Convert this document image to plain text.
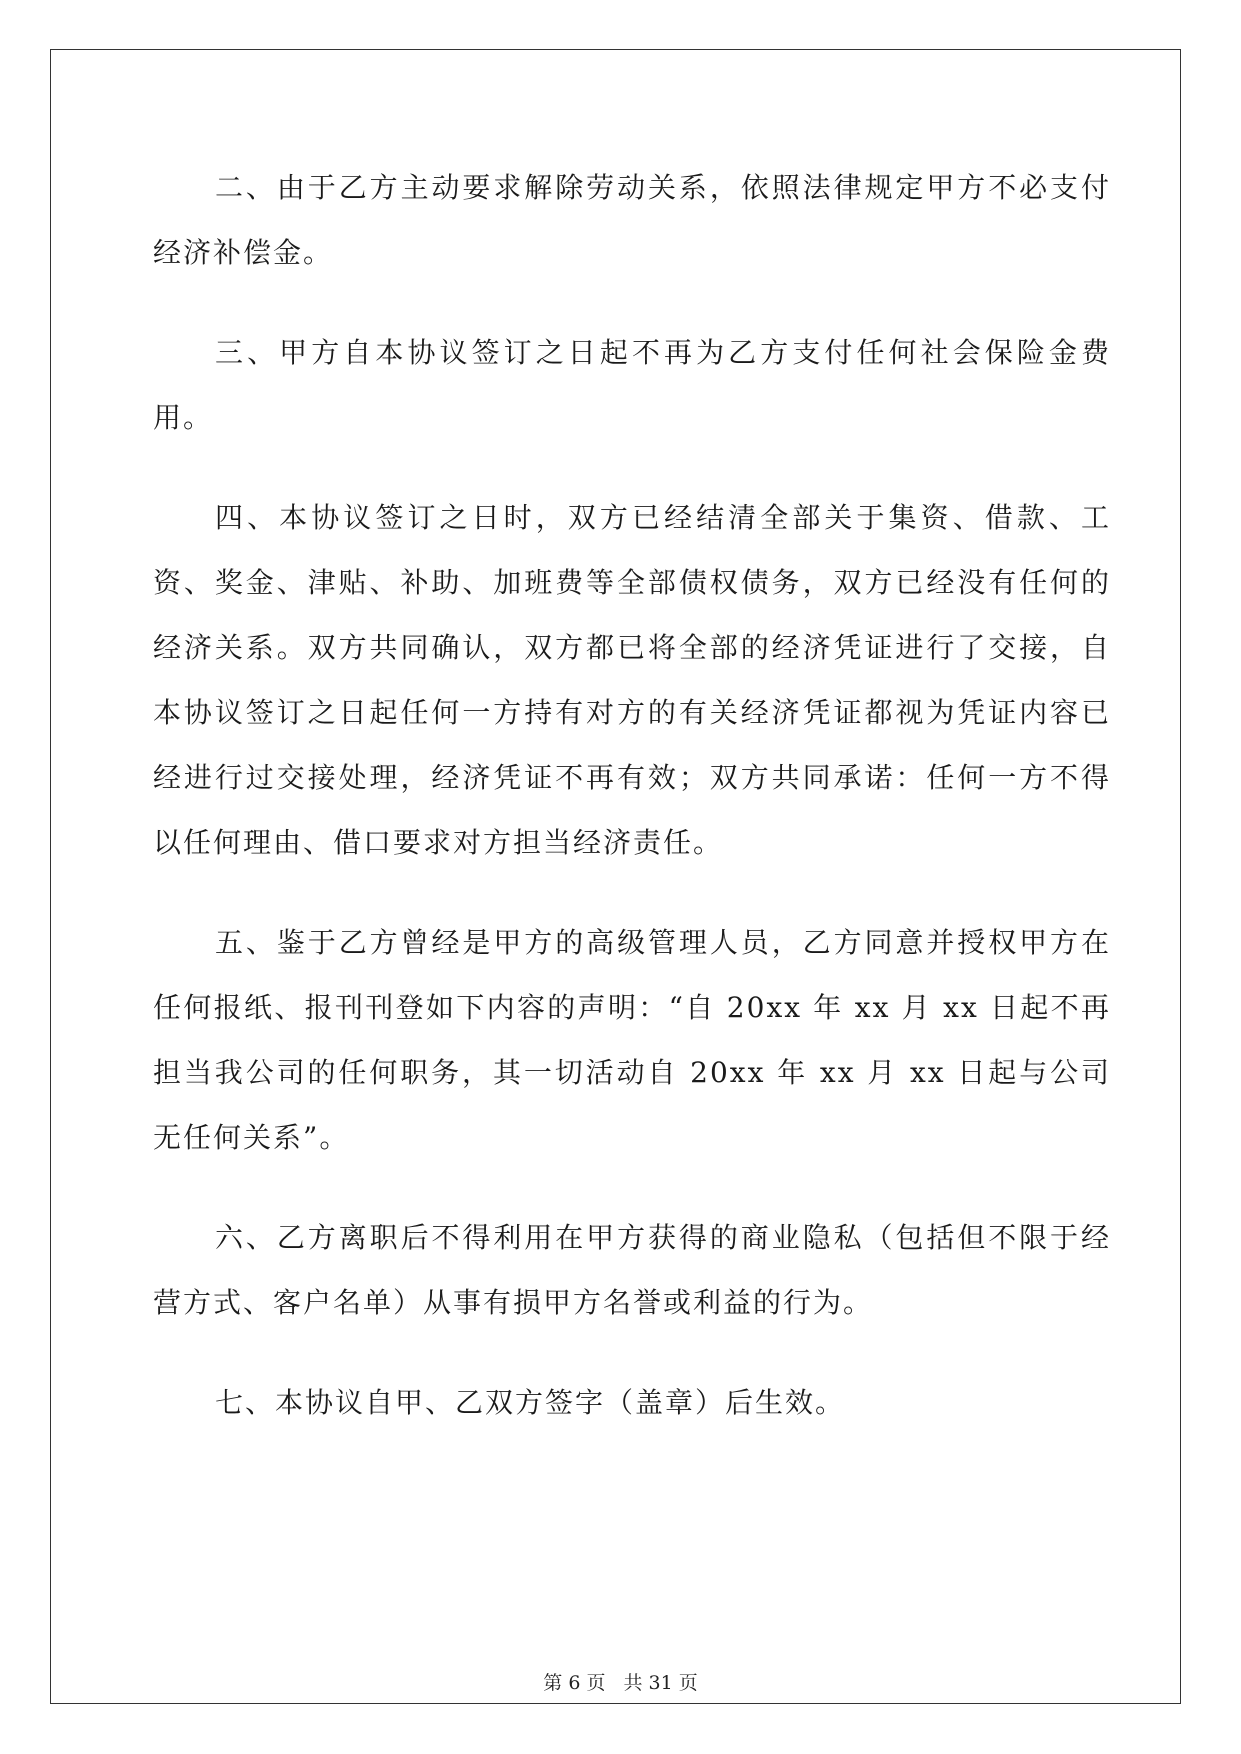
二、由于乙方主动要求解除劳动关系，依照法律规定甲方不必支付经济补偿金。

三、甲方自本协议签订之日起不再为乙方支付任何社会保险金费用。

四、本协议签订之日时，双方已经结清全部关于集资、借款、工资、奖金、津贴、补助、加班费等全部债权债务，双方已经没有任何的经济关系。双方共同确认，双方都已将全部的经济凭证进行了交接，自本协议签订之日起任何一方持有对方的有关经济凭证都视为凭证内容已经进行过交接处理，经济凭证不再有效；双方共同承诺：任何一方不得以任何理由、借口要求对方担当经济责任。

五、鉴于乙方曾经是甲方的高级管理人员，乙方同意并授权甲方在任何报纸、报刊刊登如下内容的声明：“自 20xx 年 xx 月 xx 日起不再担当我公司的任何职务，其一切活动自 20xx 年 xx 月 xx 日起与公司无任何关系”。

六、乙方离职后不得利用在甲方获得的商业隐私（包括但不限于经营方式、客户名单）从事有损甲方名誉或利益的行为。

七、本协议自甲、乙双方签字（盖章）后生效。

第 6 页 共 31 页
